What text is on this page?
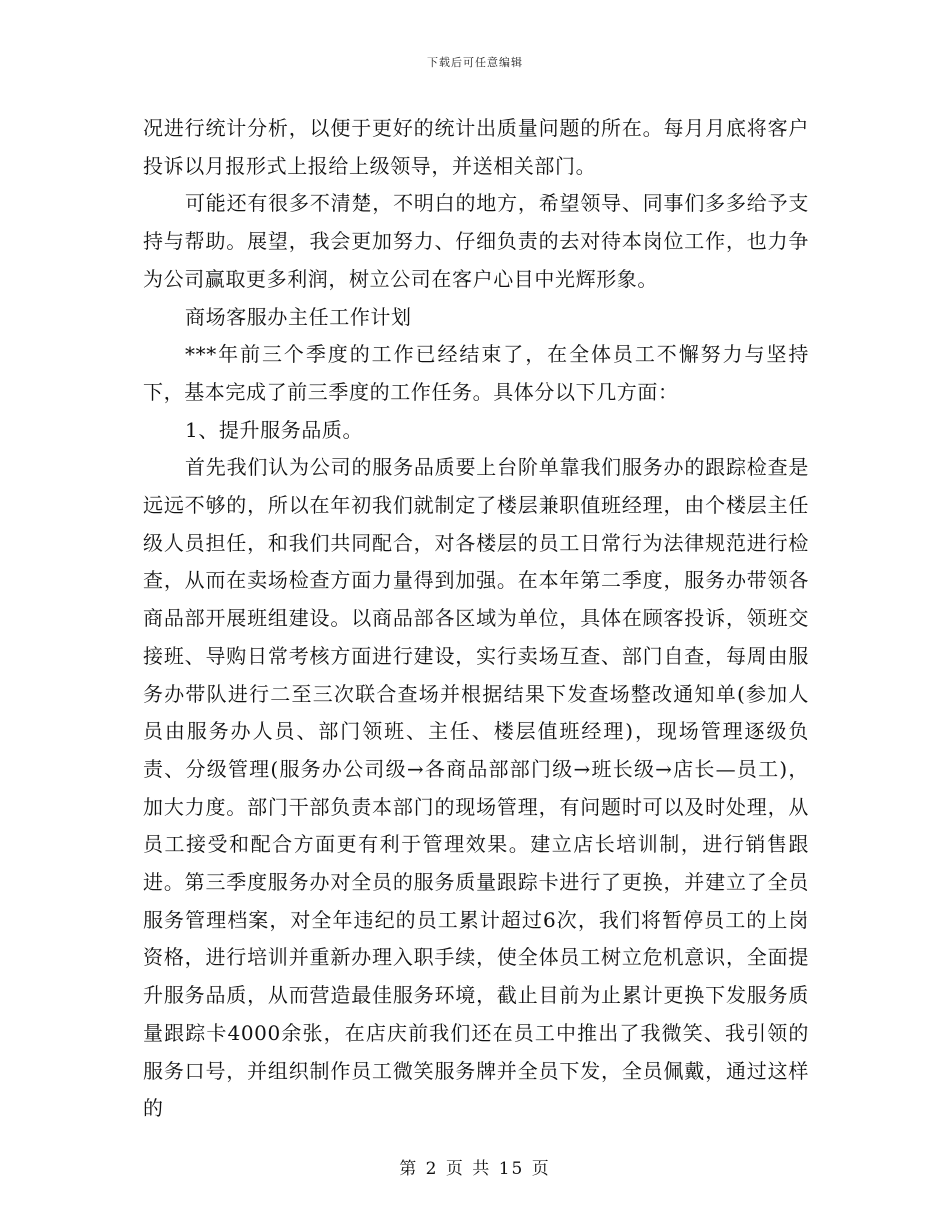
下载后可任意编辑

况进行统计分析，以便于更好的统计出质量问题的所在。每月月底将客户投诉以月报形式上报给上级领导，并送相关部门。

可能还有很多不清楚，不明白的地方，希望领导、同事们多多给予支持与帮助。展望，我会更加努力、仔细负责的去对待本岗位工作，也力争为公司赢取更多利润，树立公司在客户心目中光辉形象。

商场客服办主任工作计划

***年前三个季度的工作已经结束了，在全体员工不懈努力与坚持下，基本完成了前三季度的工作任务。具体分以下几方面：

1、提升服务品质。

首先我们认为公司的服务品质要上台阶单靠我们服务办的跟踪检查是远远不够的，所以在年初我们就制定了楼层兼职值班经理，由个楼层主任级人员担任，和我们共同配合，对各楼层的员工日常行为法律规范进行检查，从而在卖场检查方面力量得到加强。在本年第二季度，服务办带领各商品部开展班组建设。以商品部各区域为单位，具体在顾客投诉，领班交接班、导购日常考核方面进行建设，实行卖场互查、部门自查，每周由服务办带队进行二至三次联合查场并根据结果下发查场整改通知单(参加人员由服务办人员、部门领班、主任、楼层值班经理)，现场管理逐级负责、分级管理(服务办公司级→各商品部部门级→班长级→店长—员工)，加大力度。部门干部负责本部门的现场管理，有问题时可以及时处理，从员工接受和配合方面更有利于管理效果。建立店长培训制，进行销售跟进。第三季度服务办对全员的服务质量跟踪卡进行了更换，并建立了全员服务管理档案，对全年违纪的员工累计超过6次，我们将暂停员工的上岗资格，进行培训并重新办理入职手续，使全体员工树立危机意识，全面提升服务品质，从而营造最佳服务环境，截止目前为止累计更换下发服务质量跟踪卡4000余张，在店庆前我们还在员工中推出了我微笑、我引领的服务口号，并组织制作员工微笑服务牌并全员下发，全员佩戴，通过这样的

第 2 页 共 15 页
